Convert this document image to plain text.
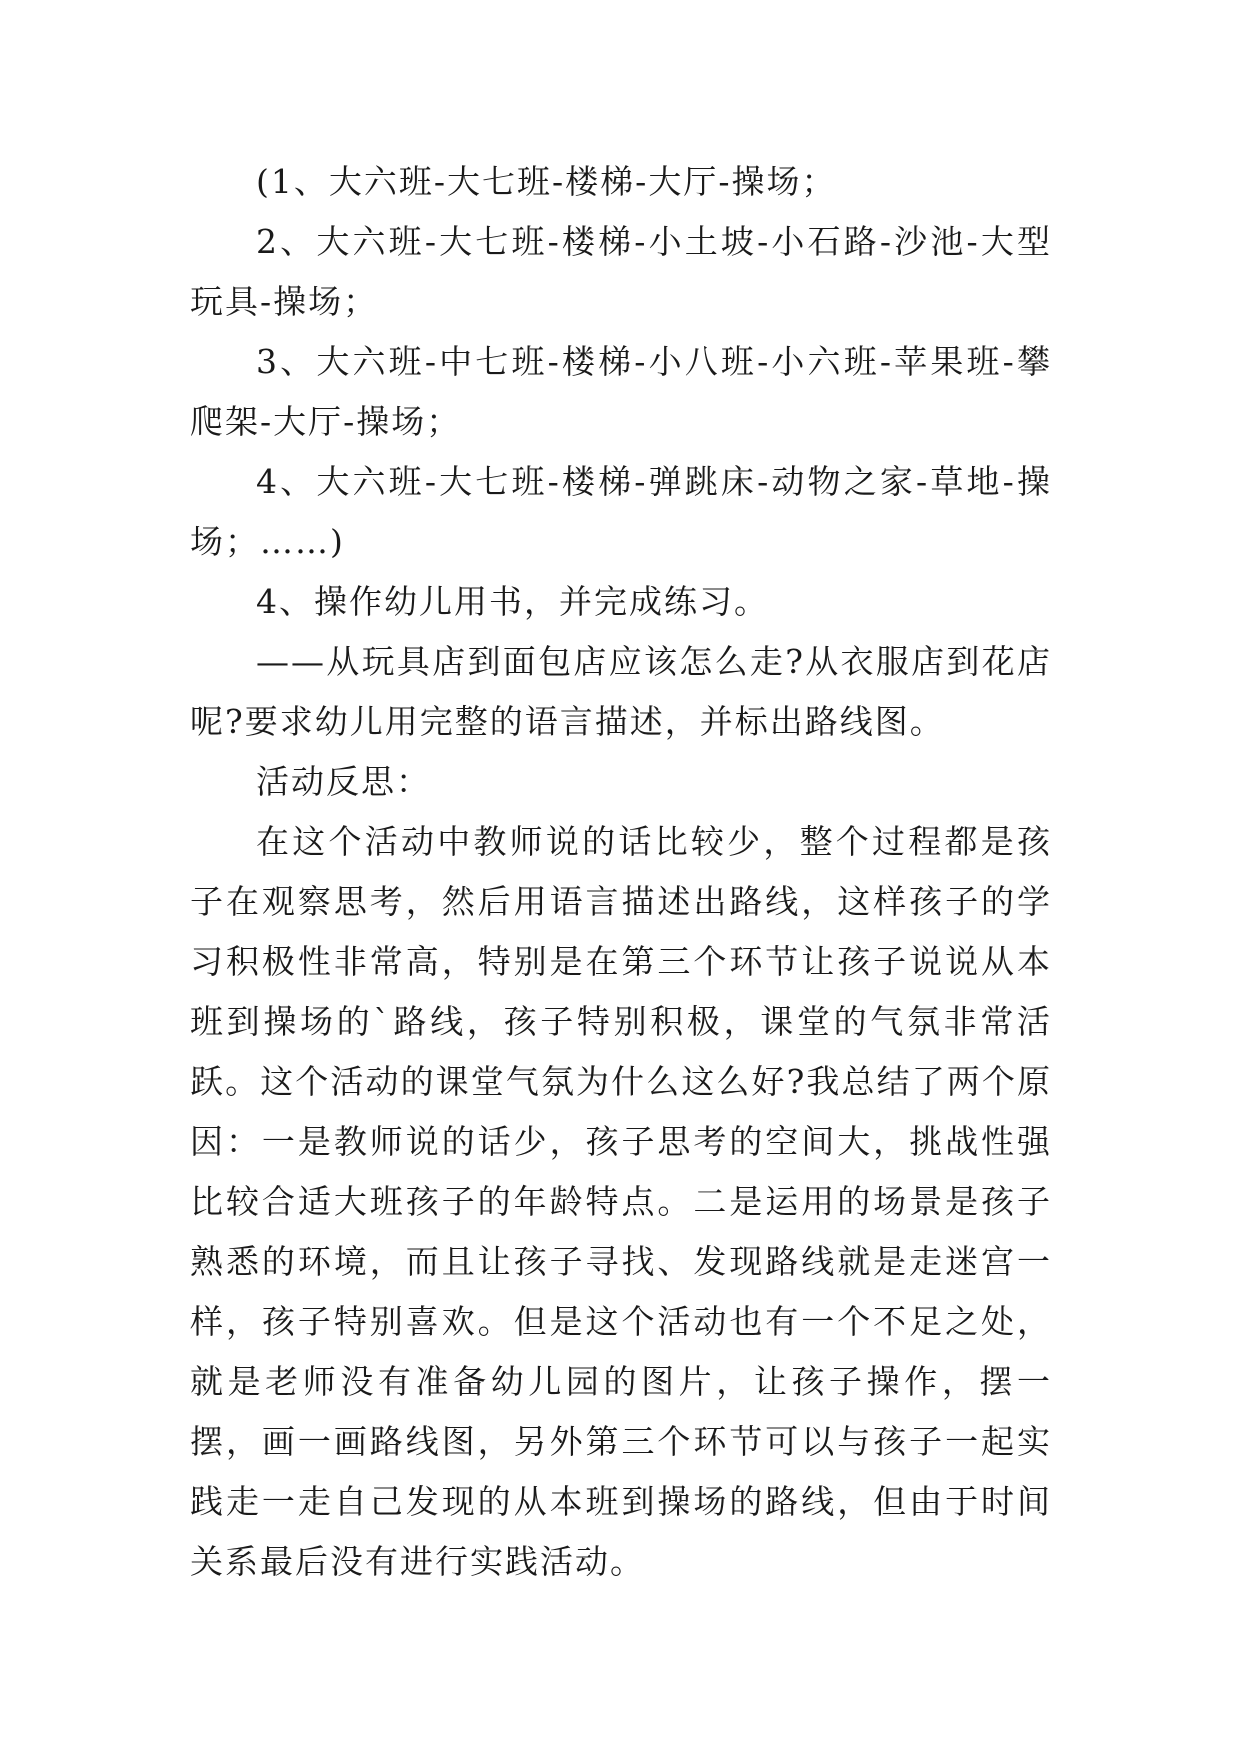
(1、大六班-大七班-楼梯-大厅-操场；

2、大六班-大七班-楼梯-小土坡-小石路-沙池-大型玩具-操场；

3、大六班-中七班-楼梯-小八班-小六班-苹果班-攀爬架-大厅-操场；

4、大六班-大七班-楼梯-弹跳床-动物之家-草地-操场；……)

4、操作幼儿用书，并完成练习。

——从玩具店到面包店应该怎么走?从衣服店到花店呢?要求幼儿用完整的语言描述，并标出路线图。

活动反思：

在这个活动中教师说的话比较少，整个过程都是孩子在观察思考，然后用语言描述出路线，这样孩子的学习积极性非常高，特别是在第三个环节让孩子说说从本班到操场的`路线，孩子特别积极，课堂的气氛非常活跃。这个活动的课堂气氛为什么这么好?我总结了两个原因：一是教师说的话少，孩子思考的空间大，挑战性强比较合适大班孩子的年龄特点。二是运用的场景是孩子熟悉的环境，而且让孩子寻找、发现路线就是走迷宫一样，孩子特别喜欢。但是这个活动也有一个不足之处，就是老师没有准备幼儿园的图片，让孩子操作，摆一摆，画一画路线图，另外第三个环节可以与孩子一起实践走一走自己发现的从本班到操场的路线，但由于时间关系最后没有进行实践活动。
